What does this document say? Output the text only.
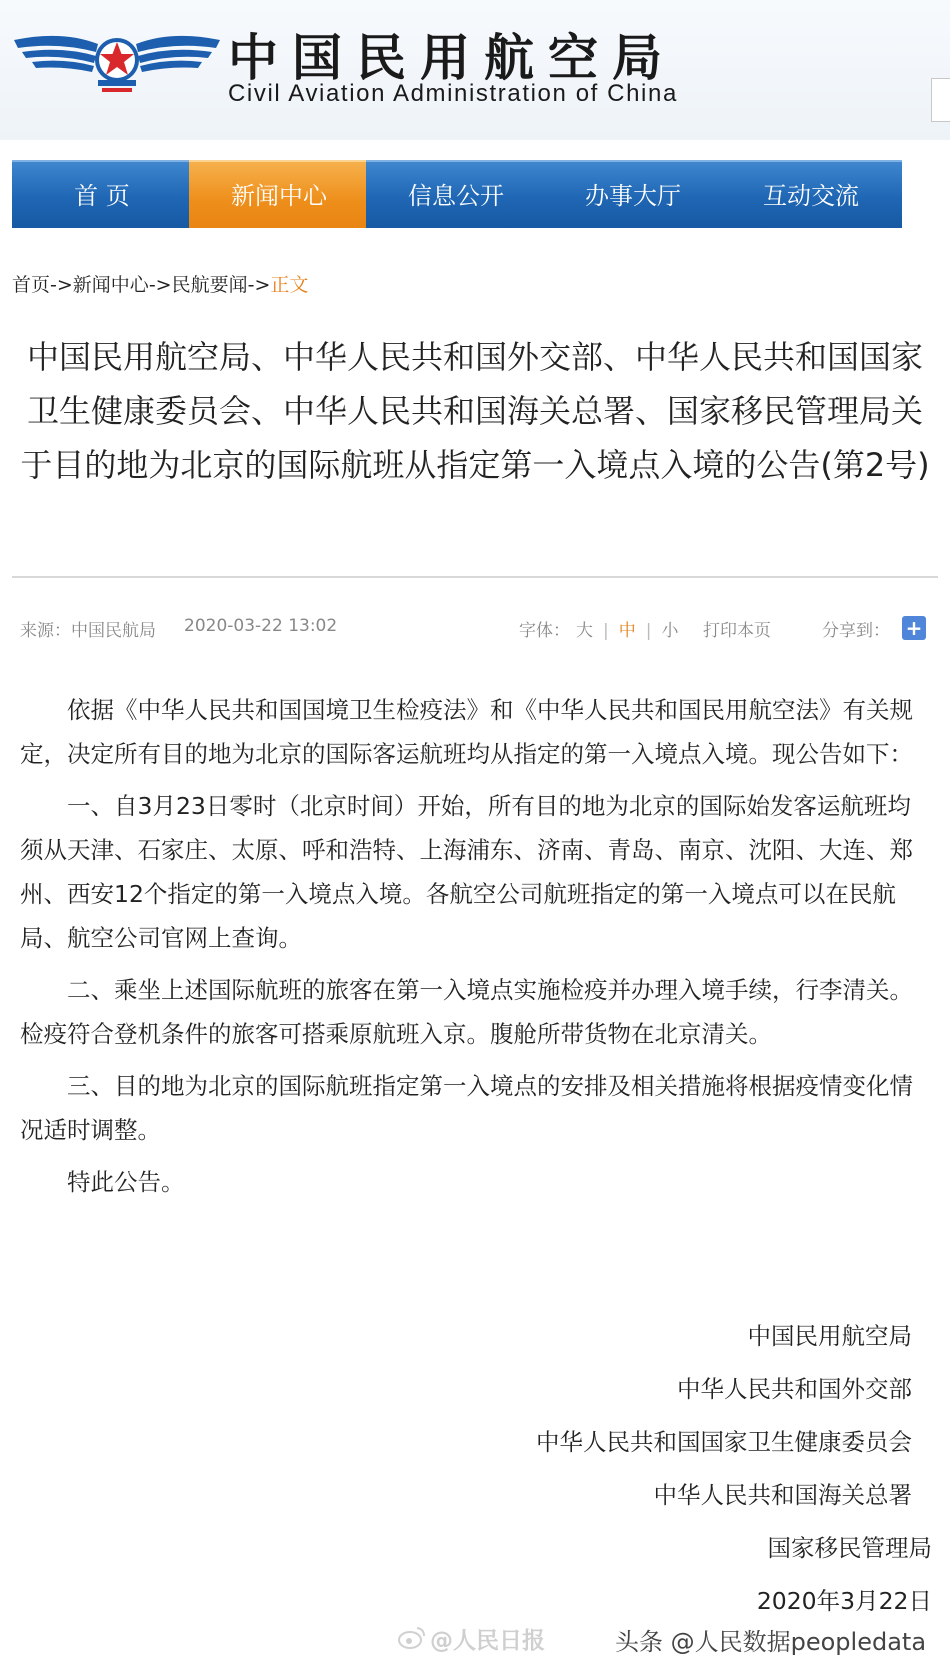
中国民用航空局
Civil Aviation Administration of China
首 页	新闻中心	信息公开	办事大厅	互动交流
首页->新闻中心->民航要闻->正文
中国民用航空局、中华人民共和国外交部、中华人民共和国国家卫生健康委员会、中华人民共和国海关总署、国家移民管理局关于目的地为北京的国际航班从指定第一入境点入境的公告(第2号)
来源：中国民航局 2020-03-22 13:02	字体： 大 | 中 | 小	打印本页	分享到： +

依据《中华人民共和国国境卫生检疫法》和《中华人民共和国民用航空法》有关规定，决定所有目的地为北京的国际客运航班均从指定的第一入境点入境。现公告如下：

一、自3月23日零时（北京时间）开始，所有目的地为北京的国际始发客运航班均须从天津、石家庄、太原、呼和浩特、上海浦东、济南、青岛、南京、沈阳、大连、郑州、西安12个指定的第一入境点入境。各航空公司航班指定的第一入境点可以在民航局、航空公司官网上查询。

二、乘坐上述国际航班的旅客在第一入境点实施检疫并办理入境手续，行李清关。检疫符合登机条件的旅客可搭乘原航班入京。腹舱所带货物在北京清关。

三、目的地为北京的国际航班指定第一入境点的安排及相关措施将根据疫情变化情况适时调整。

特此公告。

中国民用航空局
中华人民共和国外交部
中华人民共和国国家卫生健康委员会
中华人民共和国海关总署
国家移民管理局
2020年3月22日
@人民日报	头条 @人民数据peopledata
